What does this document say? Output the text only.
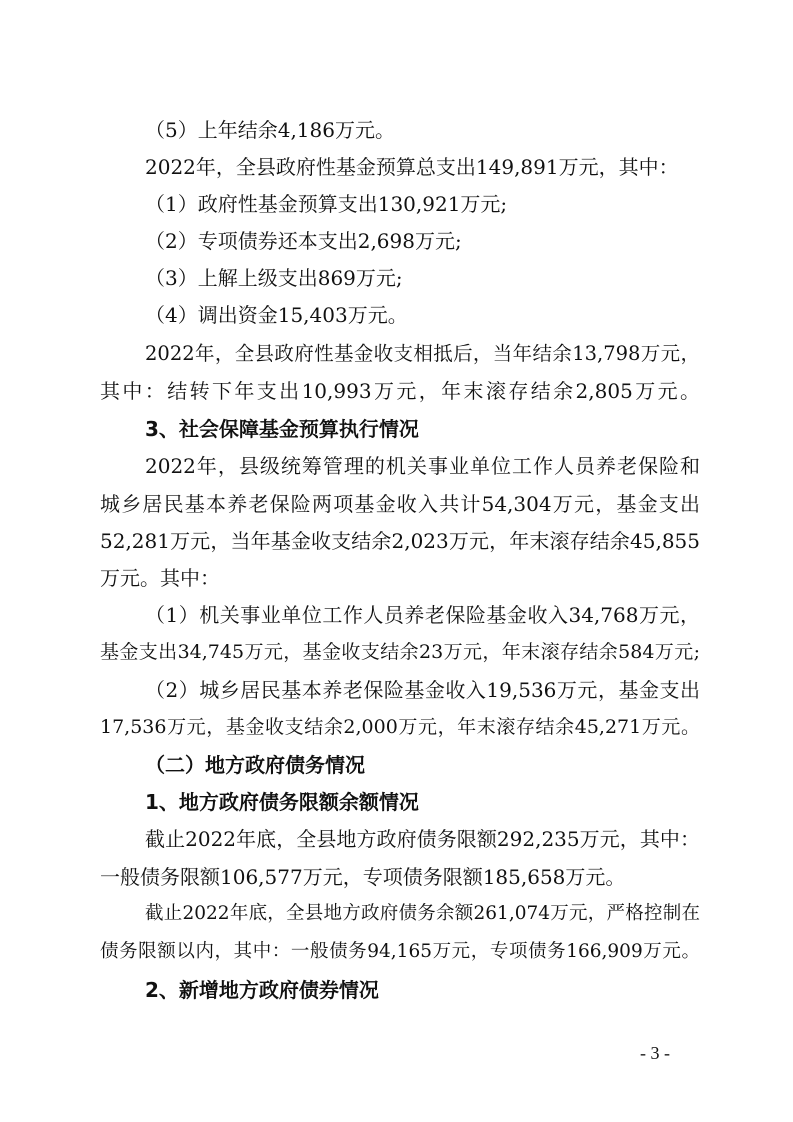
（5）上年结余4,186万元。
2022年，全县政府性基金预算总支出149,891万元，其中：
（1）政府性基金预算支出130,921万元;
（2）专项债券还本支出2,698万元;
（3）上解上级支出869万元;
（4）调出资金15,403万元。
2022年，全县政府性基金收支相抵后，当年结余13,798万元，
其中：结转下年支出10,993万元，年末滚存结余2,805万元。
3、社会保障基金预算执行情况
2022年，县级统筹管理的机关事业单位工作人员养老保险和
城乡居民基本养老保险两项基金收入共计54,304万元，基金支出
52,281万元，当年基金收支结余2,023万元，年末滚存结余45,855
万元。其中：
（1）机关事业单位工作人员养老保险基金收入34,768万元，
基金支出34,745万元，基金收支结余23万元，年末滚存结余584万元;
（2）城乡居民基本养老保险基金收入19,536万元，基金支出
17,536万元，基金收支结余2,000万元，年末滚存结余45,271万元。
（二）地方政府债务情况
1、地方政府债务限额余额情况
截止2022年底，全县地方政府债务限额292,235万元，其中：
一般债务限额106,577万元，专项债务限额185,658万元。
截止2022年底，全县地方政府债务余额261,074万元，严格控制在
债务限额以内，其中：一般债务94,165万元，专项债务166,909万元。
2、新增地方政府债券情况
- 3 -
